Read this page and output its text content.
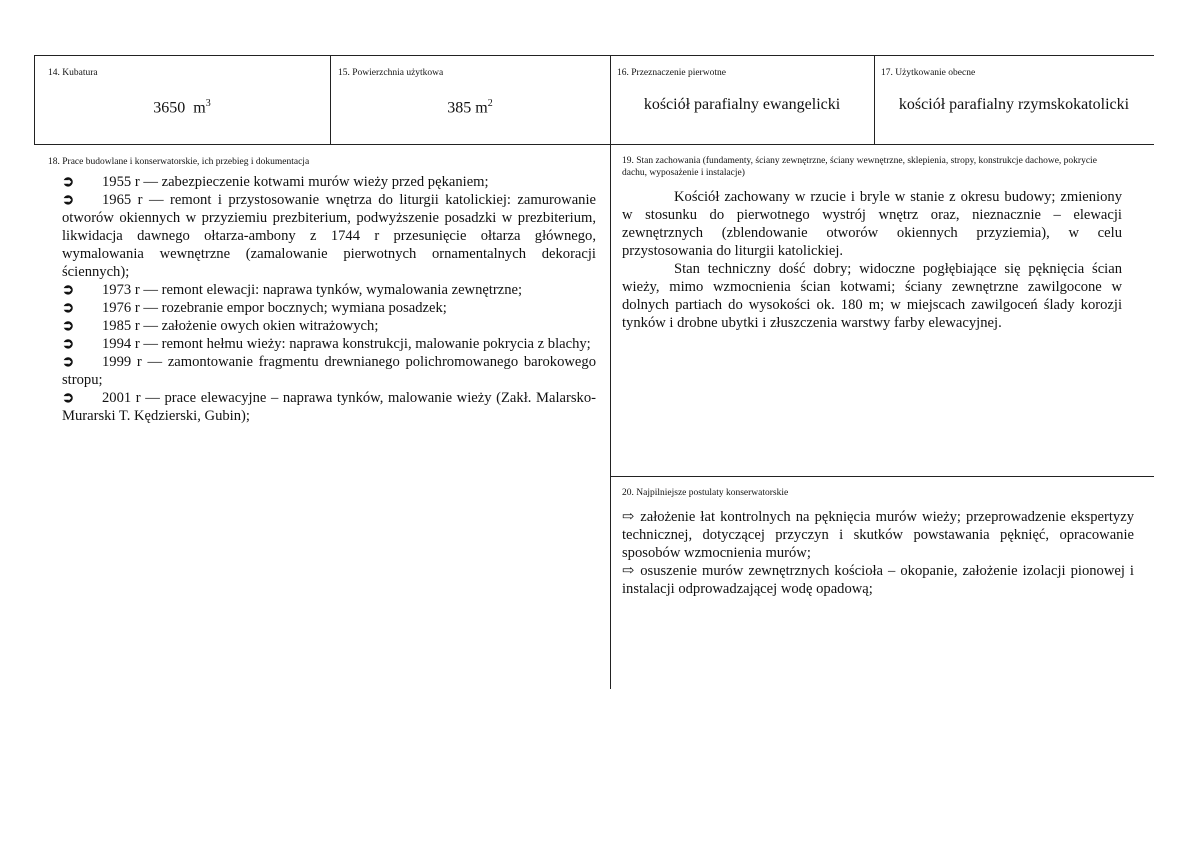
14. Kubatura
3650 $m^3$
15. Powierzchnia użytkowa
385 $m^2$
16. Przeznaczenie pierwotne
kościół parafialny ewangelicki
17. Użytkowanie obecne
kościół parafialny rzymskokatolicki
18. Prace budowlane i konserwatorskie, ich przebieg i dokumentacja
➲ 1955 r — zabezpieczenie kotwami murów wieży przed pękaniem;
➲ 1965 r — remont i przystosowanie wnętrza do liturgii katolickiej: zamurowanie otworów okiennych w przyziemiu prezbiterium, podwyższenie posadzki w prezbiterium, likwidacja dawnego ołtarza-ambony z 1744 r przesunięcie ołtarza głównego, wymalowania wewnętrzne (zamalowanie pierwotnych ornamentalnych dekoracji ściennych);
➲ 1973 r — remont elewacji: naprawa tynków, wymalowania zewnętrzne;
➲ 1976 r — rozebranie empor bocznych; wymiana posadzek;
➲ 1985 r — założenie owych okien witrażowych;
➲ 1994 r — remont hełmu wieży: naprawa konstrukcji, malowanie pokrycia z blachy;
➲ 1999 r — zamontowanie fragmentu drewnianego polichromowanego barokowego stropu;
➲ 2001 r — prace elewacyjne – naprawa tynków, malowanie wieży (Zakł. Malarsko-Murarski T. Kędzierski, Gubin);
19. Stan zachowania (fundamenty, ściany zewnętrzne, ściany wewnętrzne, sklepienia, stropy, konstrukcje dachowe, pokrycie dachu, wyposażenie i instalacje)

Kościół zachowany w rzucie i bryle w stanie z okresu budowy; zmieniony w stosunku do pierwotnego wystrój wnętrz oraz, nieznacznie – elewacji zewnętrznych (zblendowanie otworów okiennych przyziemia), w celu przystosowania do liturgii katolickiej.

Stan techniczny dość dobry; widoczne pogłębiające się pęknięcia ścian wieży, mimo wzmocnienia ścian kotwami; ściany zewnętrzne zawilgocone w dolnych partiach do wysokości ok. 180 m; w miejscach zawilgoceń ślady korozji tynków i drobne ubytki i złuszczenia warstwy farby elewacyjnej.

20. Najpilniejsze postulaty konserwatorskie
⇨ założenie łat kontrolnych na pęknięcia murów wieży; przeprowadzenie ekspertyzy technicznej, dotyczącej przyczyn i skutków powstawania pęknięć, opracowanie sposobów wzmocnienia murów;
⇨ osuszenie murów zewnętrznych kościoła – okopanie, założenie izolacji pionowej i instalacji odprowadzającej wodę opadową;
